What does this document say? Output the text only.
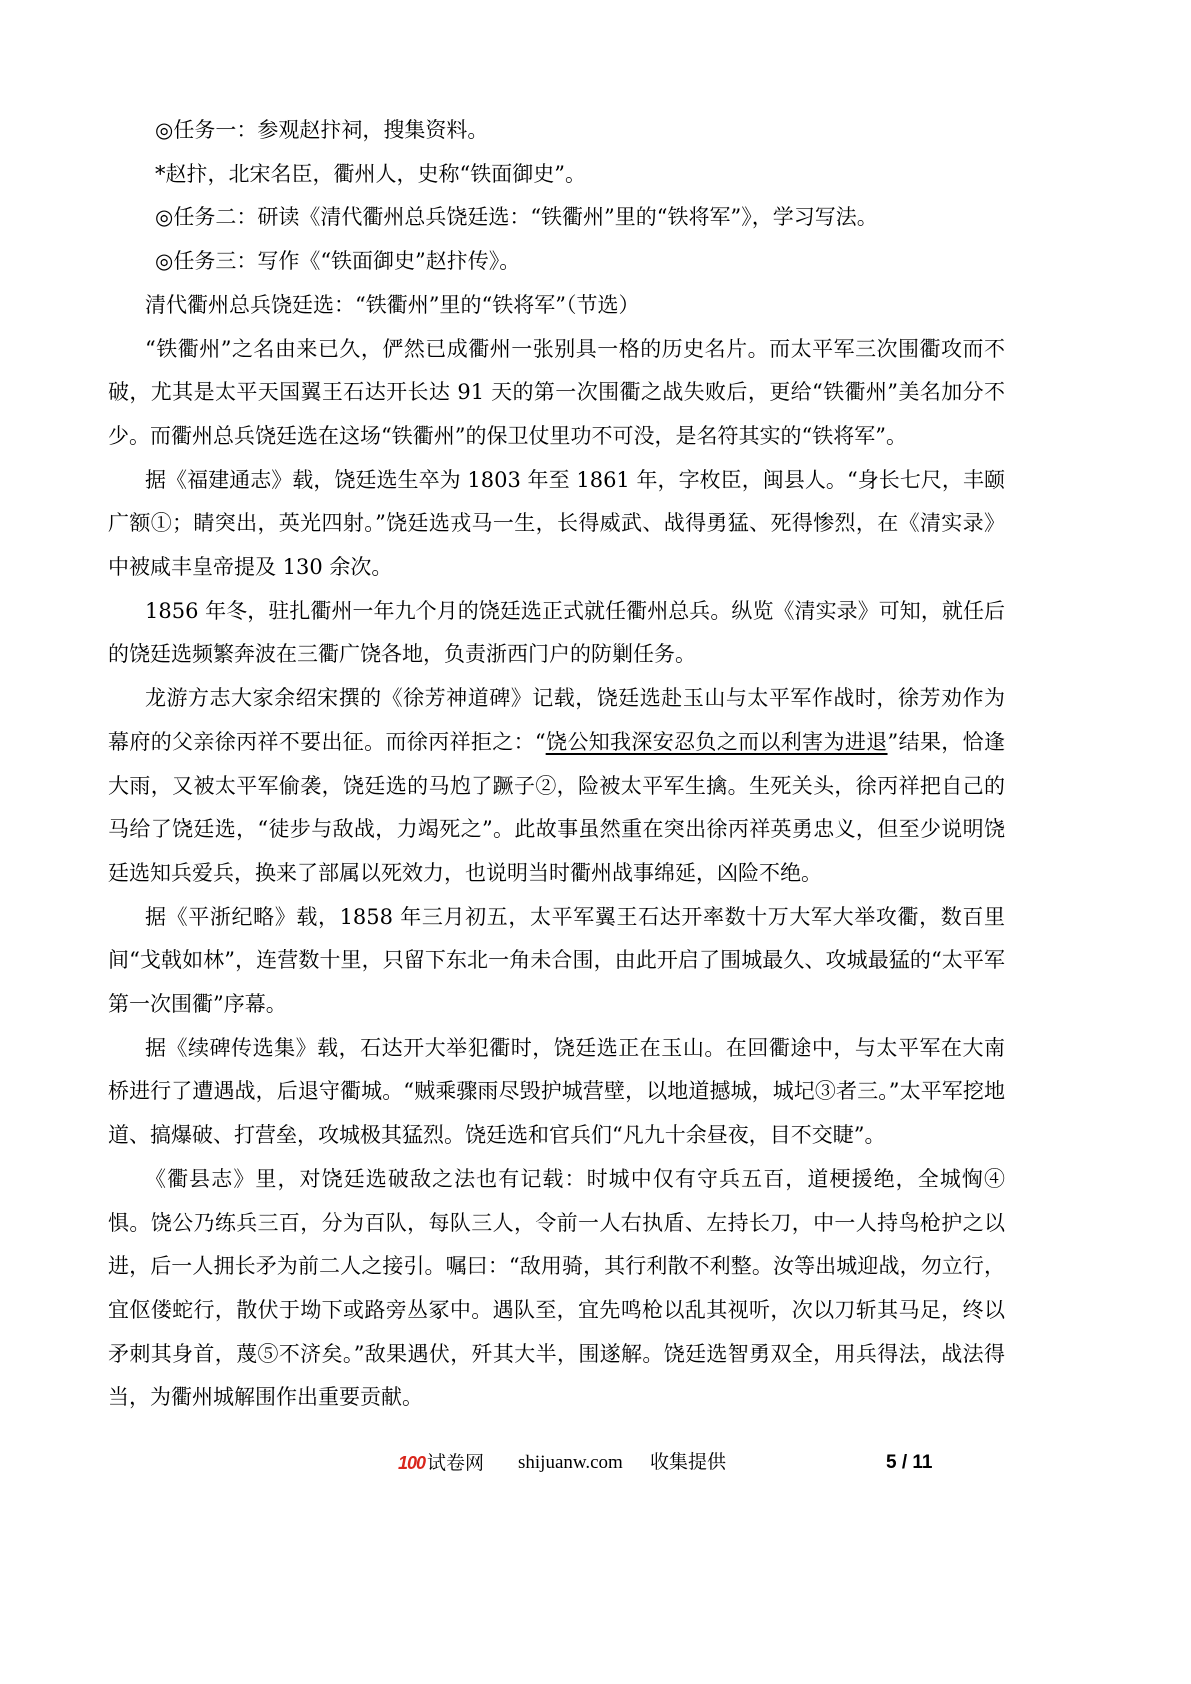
◎任务一：参观赵抃祠，搜集资料。

*赵抃，北宋名臣，衢州人，史称“铁面御史”。

◎任务二：研读《清代衢州总兵饶廷选：“铁衢州”里的“铁将军”》，学习写法。

◎任务三：写作《“铁面御史”赵抃传》。

清代衢州总兵饶廷选：“铁衢州”里的“铁将军”（节选）

“铁衢州”之名由来已久，俨然已成衢州一张别具一格的历史名片。而太平军三次围衢攻而不破，尤其是太平天国翼王石达开长达 91 天的第一次围衢之战失败后，更给“铁衢州”美名加分不少。而衢州总兵饶廷选在这场“铁衢州”的保卫仗里功不可没，是名符其实的“铁将军”。

据《福建通志》载，饶廷选生卒为 1803 年至 1861 年，字枚臣，闽县人。“身长七尺，丰颐广额①；睛突出，英光四射。”饶廷选戎马一生，长得威武、战得勇猛、死得惨烈，在《清实录》中被咸丰皇帝提及 130 余次。

1856 年冬，驻扎衢州一年九个月的饶廷选正式就任衢州总兵。纵览《清实录》可知，就任后的饶廷选频繁奔波在三衢广饶各地，负责浙西门户的防剿任务。

龙游方志大家余绍宋撰的《徐芳神道碑》记载，饶廷选赴玉山与太平军作战时，徐芳劝作为幕府的父亲徐丙祥不要出征。而徐丙祥拒之：“饶公知我深安忍负之而以利害为进退”结果，恰逢大雨，又被太平军偷袭，饶廷选的马尥了蹶子②，险被太平军生擒。生死关头，徐丙祥把自己的马给了饶廷选，“徒步与敌战，力竭死之”。此故事虽然重在突出徐丙祥英勇忠义，但至少说明饶廷选知兵爱兵，换来了部属以死效力，也说明当时衢州战事绵延，凶险不绝。

据《平浙纪略》载，1858 年三月初五，太平军翼王石达开率数十万大军大举攻衢，数百里间“戈戟如林”，连营数十里，只留下东北一角未合围，由此开启了围城最久、攻城最猛的“太平军第一次围衢”序幕。

据《续碑传选集》载，石达开大举犯衢时，饶廷选正在玉山。在回衢途中，与太平军在大南桥进行了遭遇战，后退守衢城。“贼乘骤雨尽毁护城营壁，以地道撼城，城圮③者三。”太平军挖地道、搞爆破、打营垒，攻城极其猛烈。饶廷选和官兵们“凡九十余昼夜，目不交睫”。

《衢县志》里，对饶廷选破敌之法也有记载：时城中仅有守兵五百，道梗援绝，全城恟④惧。饶公乃练兵三百，分为百队，每队三人，令前一人右执盾、左持长刀，中一人持鸟枪护之以进，后一人拥长矛为前二人之接引。嘱曰：“敌用骑，其行利散不利整。汝等出城迎战，勿立行，宜伛偻蛇行，散伏于坳下或路旁丛冢中。遇队至，宜先鸣枪以乱其视听，次以刀斩其马足，终以矛刺其身首，蔑⑤不济矣。”敌果遇伏，歼其大半，围遂解。饶廷选智勇双全，用兵得法，战法得当，为衢州城解围作出重要贡献。

100 试卷网 shijuanw.com 收集提供	5 / 11
